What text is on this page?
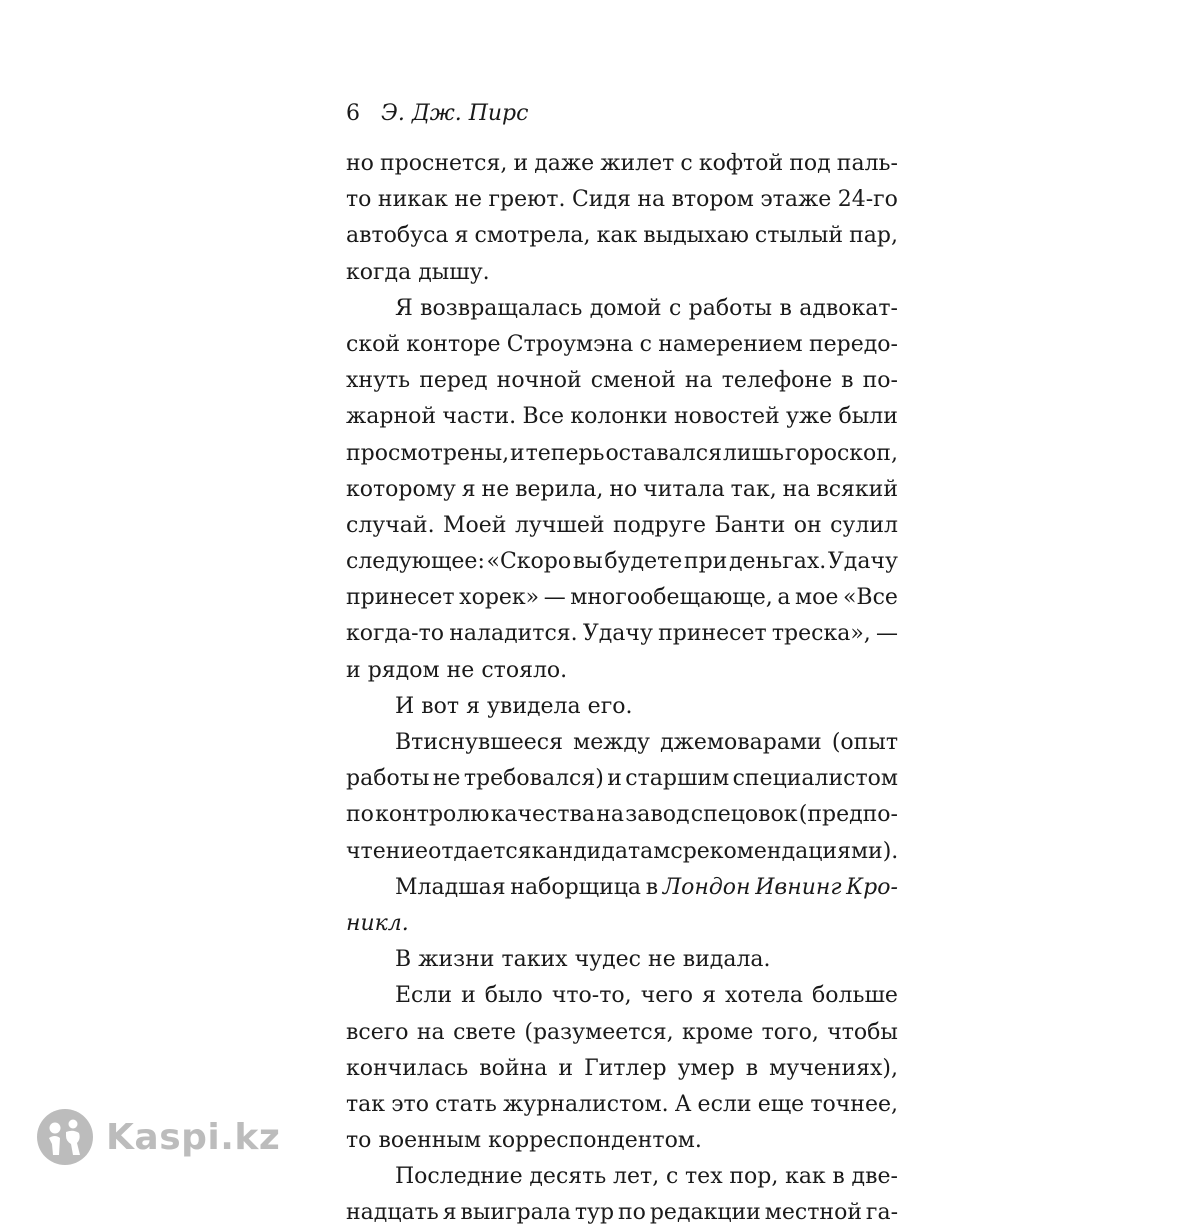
6 Э. Дж. Пирс
но проснется, и даже жилет с кофтой под паль-
то никак не греют. Сидя на втором этаже 24-го
автобуса я смотрела, как выдыхаю стылый пар,
когда дышу.
Я возвращалась домой с работы в адвокат-
ской конторе Строумэна с намерением передо-
хнуть перед ночной сменой на телефоне в по-
жарной части. Все колонки новостей уже были
просмотрены, и теперь оставался лишь гороскоп,
которому я не верила, но читала так, на всякий
случай. Моей лучшей подруге Банти он сулил
следующее: «Скоро вы будете при деньгах. Удачу
принесет хорек» — многообещающе, а мое «Все
когда-то наладится. Удачу принесет треска», —
и рядом не стояло.
И вот я увидела его.
Втиснувшееся между джемоварами (опыт
работы не требовался) и старшим специалистом
по контролю качества на завод спецовок (предпо-
чтение отдается кандидатам с рекомендациями).
Младшая наборщица в Лондон Ивнинг Кро-
никл.
В жизни таких чудес не видала.
Если и было что-то, чего я хотела больше
всего на свете (разумеется, кроме того, чтобы
кончилась война и Гитлер умер в мучениях),
так это стать журналистом. А если еще точнее,
то военным корреспондентом.
Последние десять лет, с тех пор, как в две-
надцать я выиграла тур по редакции местной га-
Kaspi.kz
